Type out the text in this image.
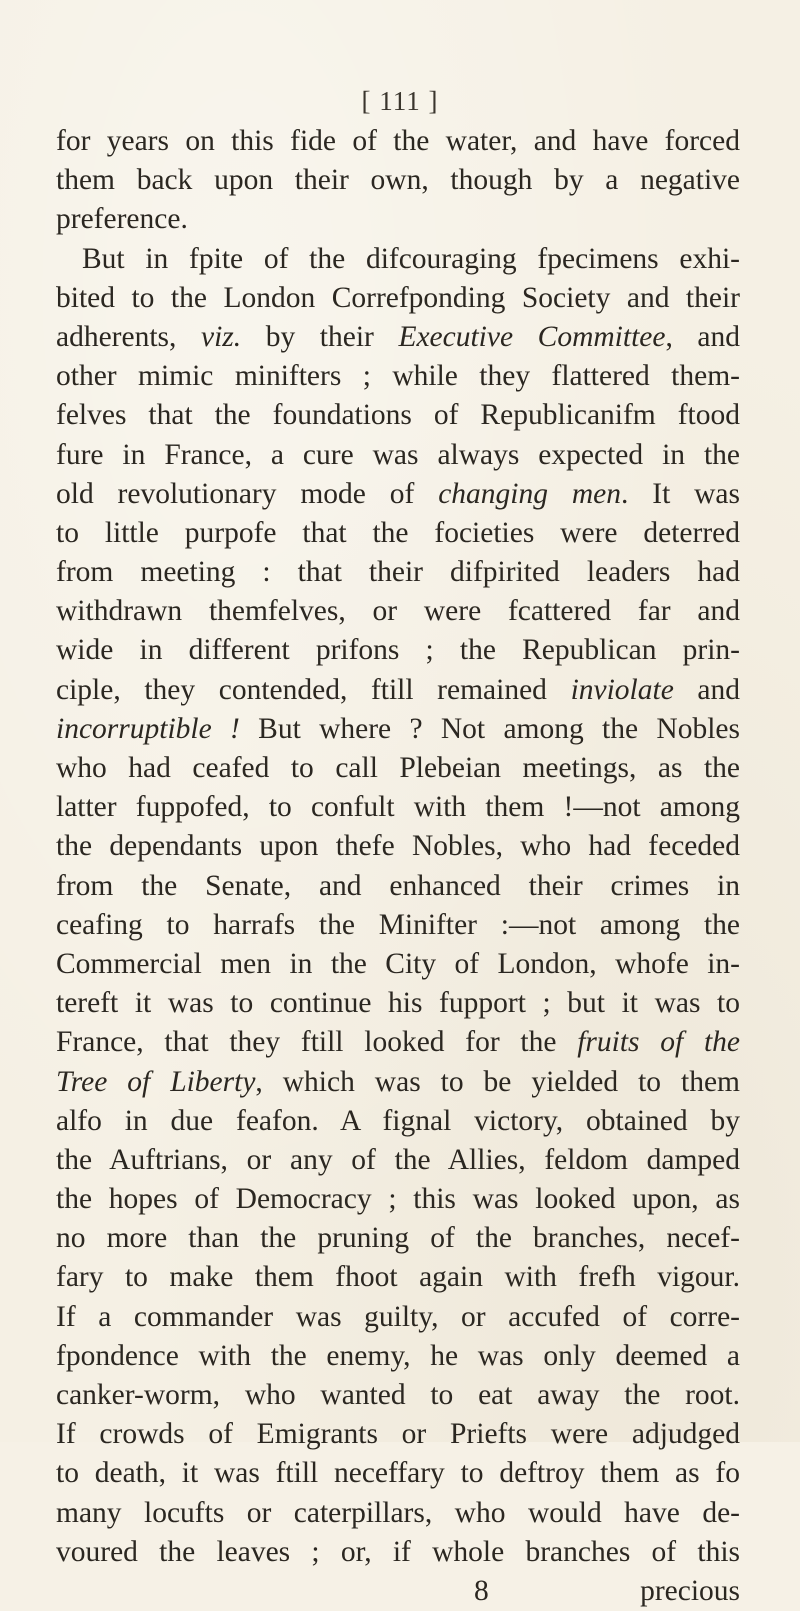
[ 111 ]
for years on this fide of the water, and have forced
them back upon their own, though by a negative
preference.
But in fpite of the difcouraging fpecimens exhi-
bited to the London Correfponding Society and their
adherents, viz. by their Executive Committee, and
other mimic minifters ; while they flattered them-
felves that the foundations of Republicanifm ftood
fure in France, a cure was always expected in the
old revolutionary mode of changing men. It was
to little purpofe that the focieties were deterred
from meeting : that their difpirited leaders had
withdrawn themfelves, or were fcattered far and
wide in different prifons ; the Republican prin-
ciple, they contended, ftill remained inviolate and
incorruptible ! But where ? Not among the Nobles
who had ceafed to call Plebeian meetings, as the
latter fuppofed, to confult with them !—not among
the dependants upon thefe Nobles, who had feceded
from the Senate, and enhanced their crimes in
ceafing to harrafs the Minifter :—not among the
Commercial men in the City of London, whofe in-
tereft it was to continue his fupport ; but it was to
France, that they ftill looked for the fruits of the
Tree of Liberty, which was to be yielded to them
alfo in due feafon. A fignal victory, obtained by
the Auftrians, or any of the Allies, feldom damped
the hopes of Democracy ; this was looked upon, as
no more than the pruning of the branches, necef-
fary to make them fhoot again with frefh vigour.
If a commander was guilty, or accufed of corre-
fpondence with the enemy, he was only deemed a
canker-worm, who wanted to eat away the root.
If crowds of Emigrants or Priefts were adjudged
to death, it was ftill neceffary to deftroy them as fo
many locufts or caterpillars, who would have de-
voured the leaves ; or, if whole branches of this
8	precious
